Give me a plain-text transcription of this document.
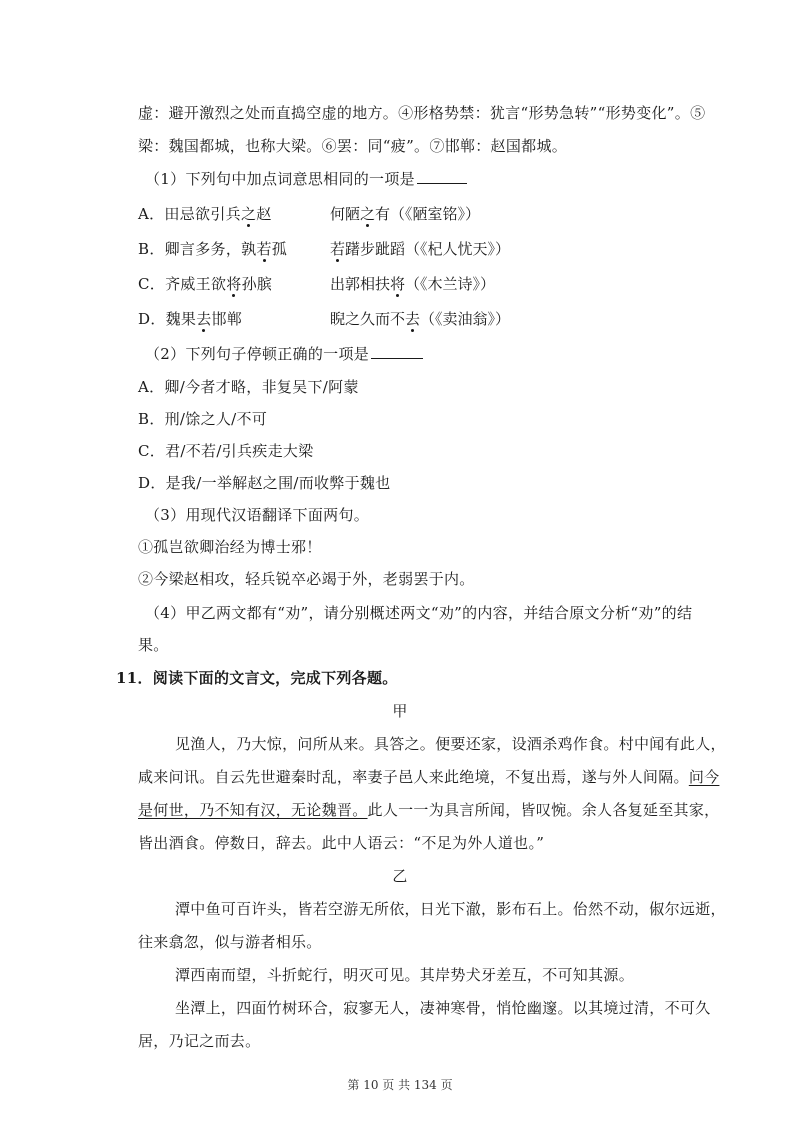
虚：避开激烈之处而直捣空虚的地方。④形格势禁：犹言“形势急转”“形势变化”。⑤
梁：魏国都城，也称大梁。⑥罢：同“疲”。⑦邯郸：赵国都城。
（1）下列句中加点词意思相同的一项是
A．田忌欲引兵之赵	何陋之有（《陋室铭》）
B．卿言多务，孰若孤	若躇步跐蹈（《杞人忧天》）
C．齐威王欲将孙膑	出郭相扶将（《木兰诗》）
D．魏果去邯郸	睨之久而不去（《卖油翁》）
（2）下列句子停顿正确的一项是
A．卿/今者才略，非复吴下/阿蒙
B．刑/馀之人/不可
C．君/不若/引兵疾走大梁
D．是我/一举解赵之围/而收弊于魏也
（3）用现代汉语翻译下面两句。
①孤岂欲卿治经为博士邪！
②今梁赵相攻，轻兵锐卒必竭于外，老弱罢于内。
（4）甲乙两文都有“劝”，请分别概述两文“劝”的内容，并结合原文分析“劝”的结
果。
11．阅读下面的文言文，完成下列各题。
甲
见渔人，乃大惊，问所从来。具答之。便要还家，设酒杀鸡作食。村中闻有此人，
咸来问讯。自云先世避秦时乱，率妻子邑人来此绝境，不复出焉，遂与外人间隔。问今
是何世，乃不知有汉，无论魏晋。此人一一为具言所闻，皆叹惋。余人各复延至其家，
皆出酒食。停数日，辞去。此中人语云：“不足为外人道也。”
乙
潭中鱼可百许头，皆若空游无所依，日光下澈，影布石上。佁然不动，俶尔远逝，
往来翕忽，似与游者相乐。
潭西南而望，斗折蛇行，明灭可见。其岸势犬牙差互，不可知其源。
坐潭上，四面竹树环合，寂寥无人，凄神寒骨，悄怆幽邃。以其境过清，不可久
居，乃记之而去。
第 10 页 共 134 页
